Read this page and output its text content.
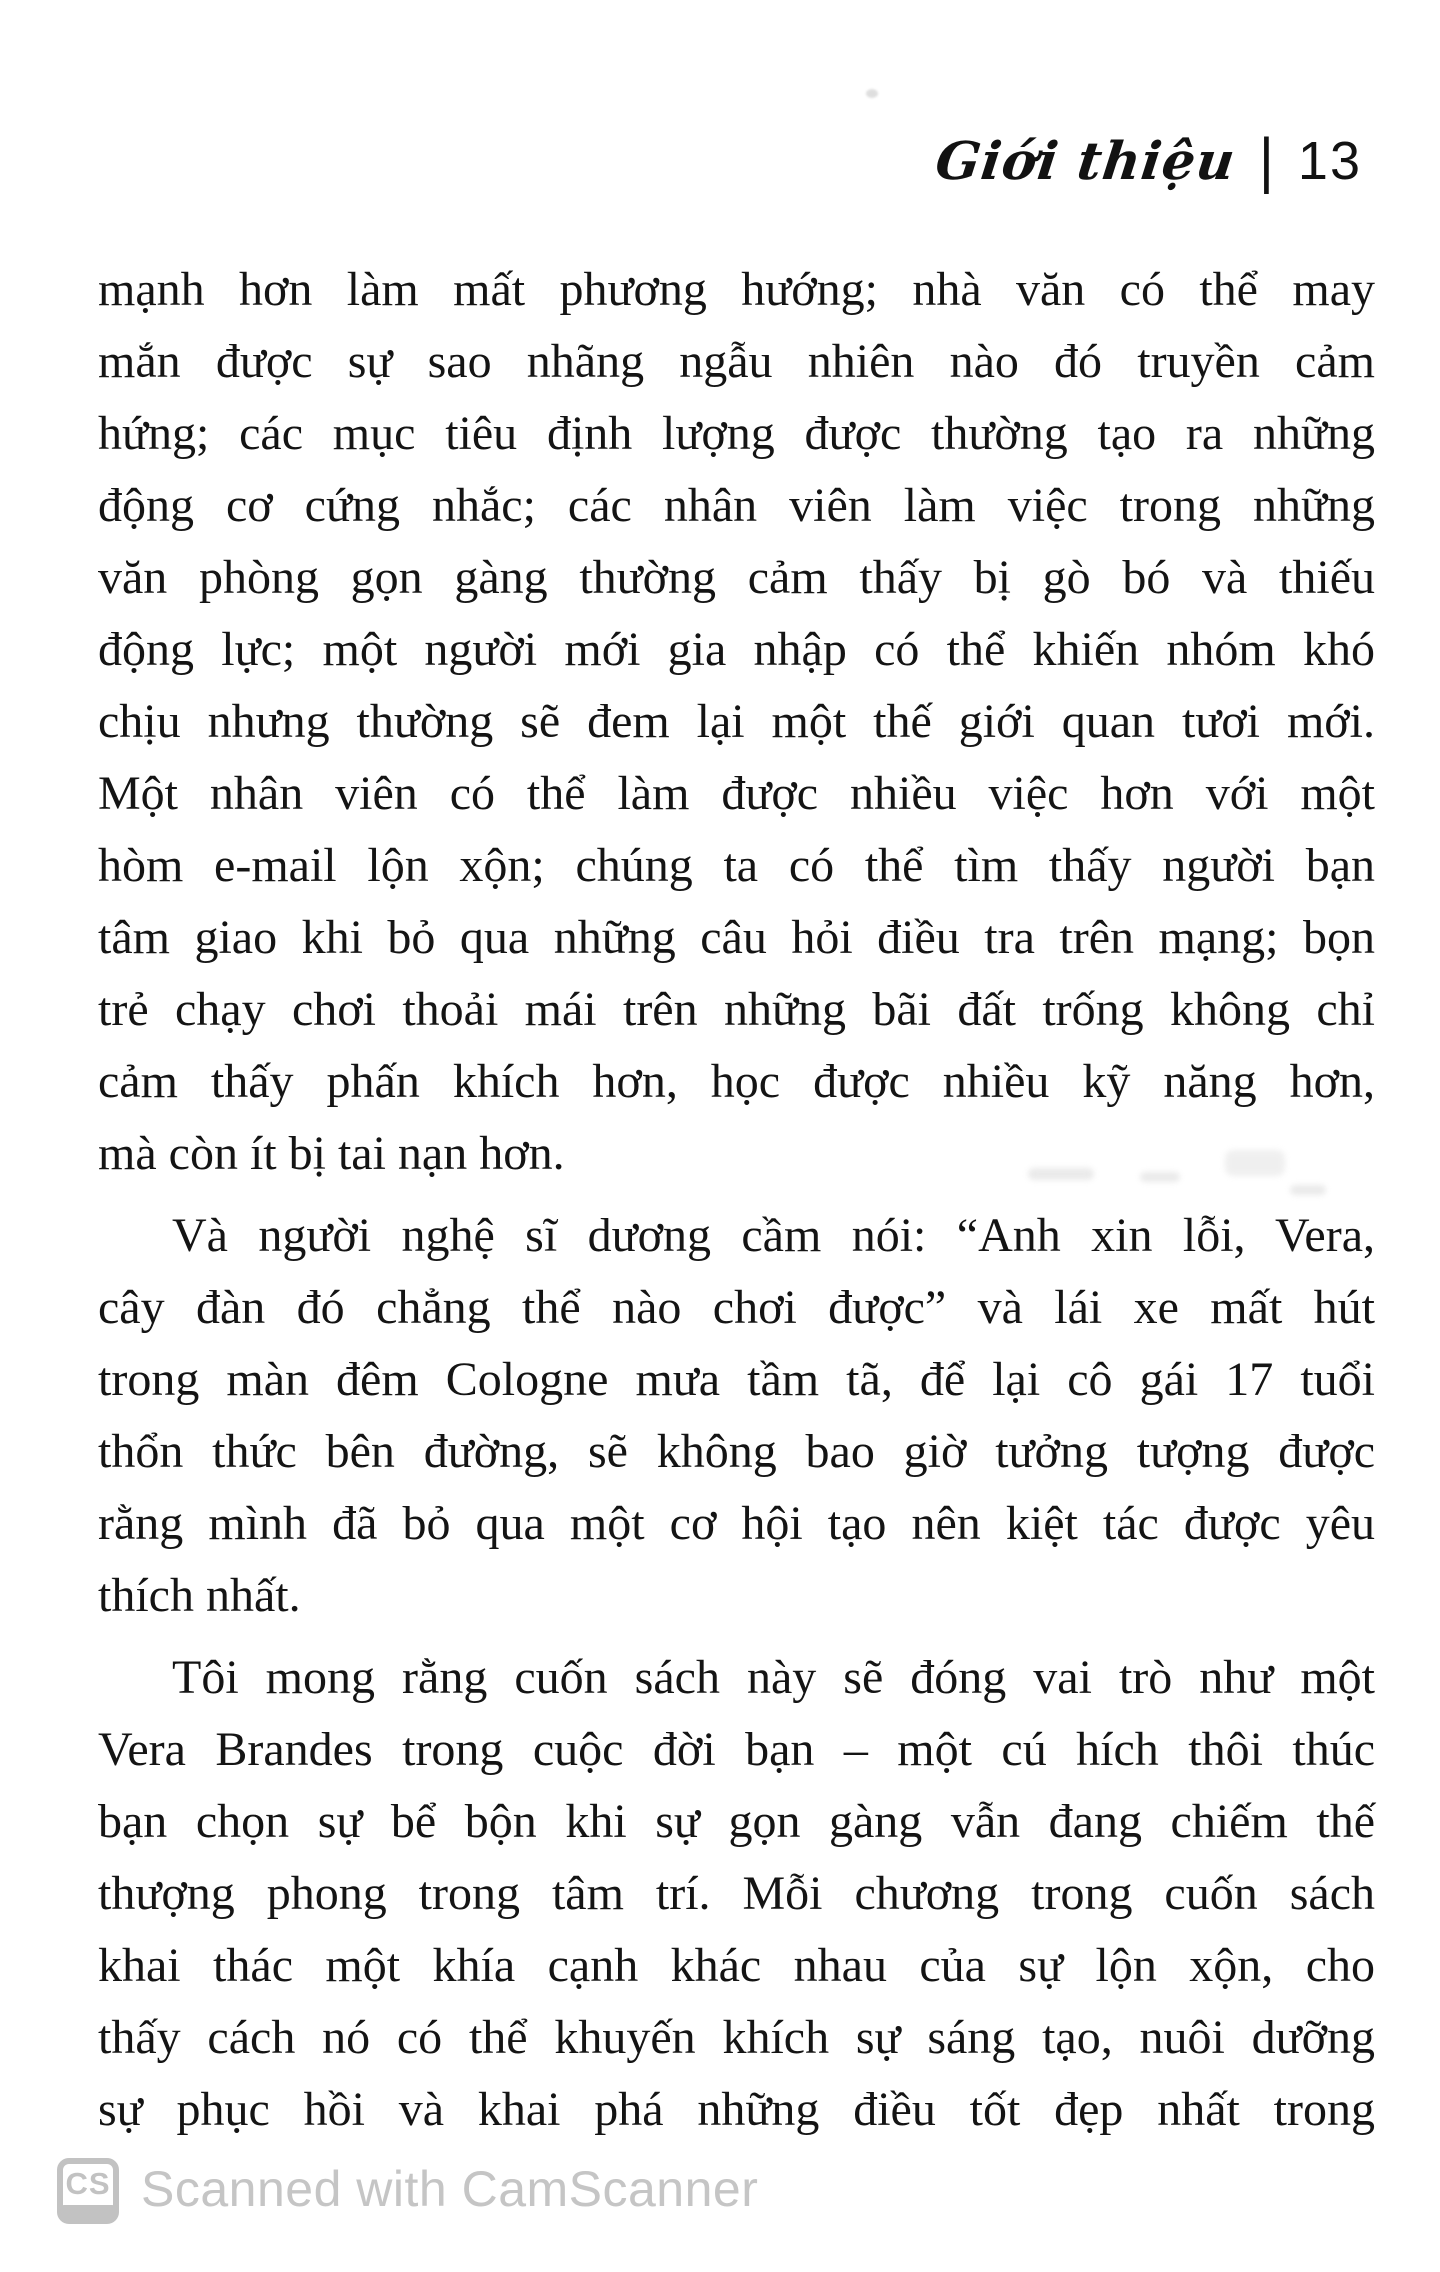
Giới thiệu | 13
mạnh hơn làm mất phương hướng; nhà văn có thể may
mắn được sự sao nhãng ngẫu nhiên nào đó truyền cảm
hứng; các mục tiêu định lượng được thường tạo ra những
động cơ cứng nhắc; các nhân viên làm việc trong những
văn phòng gọn gàng thường cảm thấy bị gò bó và thiếu
động lực; một người mới gia nhập có thể khiến nhóm khó
chịu nhưng thường sẽ đem lại một thế giới quan tươi mới.
Một nhân viên có thể làm được nhiều việc hơn với một
hòm e-mail lộn xộn; chúng ta có thể tìm thấy người bạn
tâm giao khi bỏ qua những câu hỏi điều tra trên mạng; bọn
trẻ chạy chơi thoải mái trên những bãi đất trống không chỉ
cảm thấy phấn khích hơn, học được nhiều kỹ năng hơn,
mà còn ít bị tai nạn hơn.
Và người nghệ sĩ dương cầm nói: “Anh xin lỗi, Vera,
cây đàn đó chẳng thể nào chơi được” và lái xe mất hút
trong màn đêm Cologne mưa tầm tã, để lại cô gái 17 tuổi
thổn thức bên đường, sẽ không bao giờ tưởng tượng được
rằng mình đã bỏ qua một cơ hội tạo nên kiệt tác được yêu
thích nhất.
Tôi mong rằng cuốn sách này sẽ đóng vai trò như một
Vera Brandes trong cuộc đời bạn – một cú hích thôi thúc
bạn chọn sự bể bộn khi sự gọn gàng vẫn đang chiếm thế
thượng phong trong tâm trí. Mỗi chương trong cuốn sách
khai thác một khía cạnh khác nhau của sự lộn xộn, cho
thấy cách nó có thể khuyến khích sự sáng tạo, nuôi dưỡng
sự phục hồi và khai phá những điều tốt đẹp nhất trong
CS Scanned with CamScanner
